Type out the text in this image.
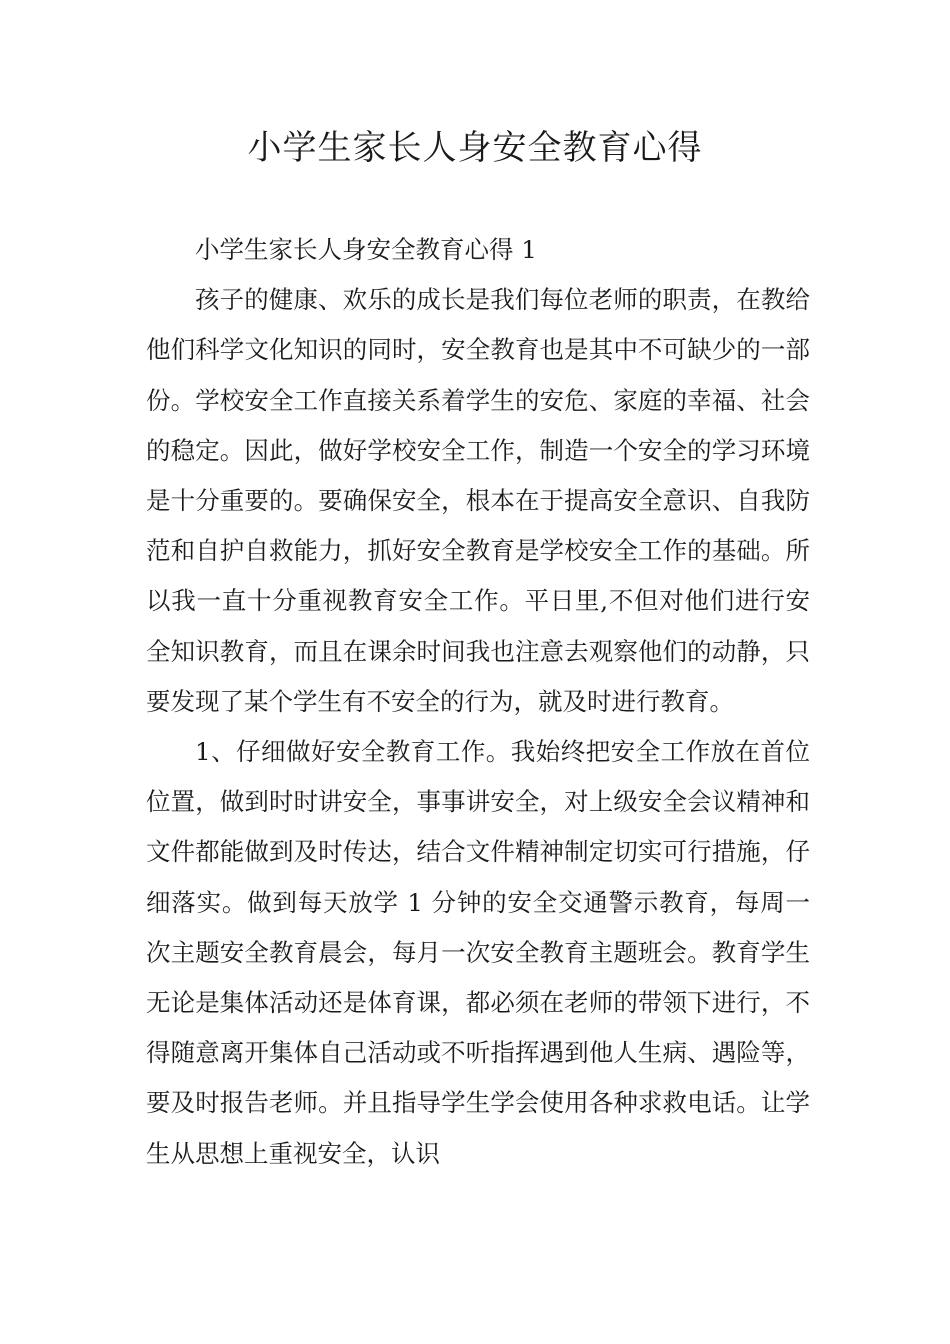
小学生家长人身安全教育心得

小学生家长人身安全教育心得 1

孩子的健康、欢乐的成长是我们每位老师的职责，在教给他们科学文化知识的同时，安全教育也是其中不可缺少的一部份。学校安全工作直接关系着学生的安危、家庭的幸福、社会的稳定。因此，做好学校安全工作，制造一个安全的学习环境是十分重要的。要确保安全，根本在于提高安全意识、自我防范和自护自救能力，抓好安全教育是学校安全工作的基础。所以我一直十分重视教育安全工作。平日里,不但对他们进行安全知识教育，而且在课余时间我也注意去观察他们的动静，只要发现了某个学生有不安全的行为，就及时进行教育。

1、仔细做好安全教育工作。我始终把安全工作放在首位位置，做到时时讲安全，事事讲安全，对上级安全会议精神和文件都能做到及时传达，结合文件精神制定切实可行措施，仔细落实。做到每天放学 1 分钟的安全交通警示教育，每周一次主题安全教育晨会，每月一次安全教育主题班会。教育学生无论是集体活动还是体育课，都必须在老师的带领下进行，不得随意离开集体自己活动或不听指挥遇到他人生病、遇险等，要及时报告老师。并且指导学生学会使用各种求救电话。让学生从思想上重视安全，认识
